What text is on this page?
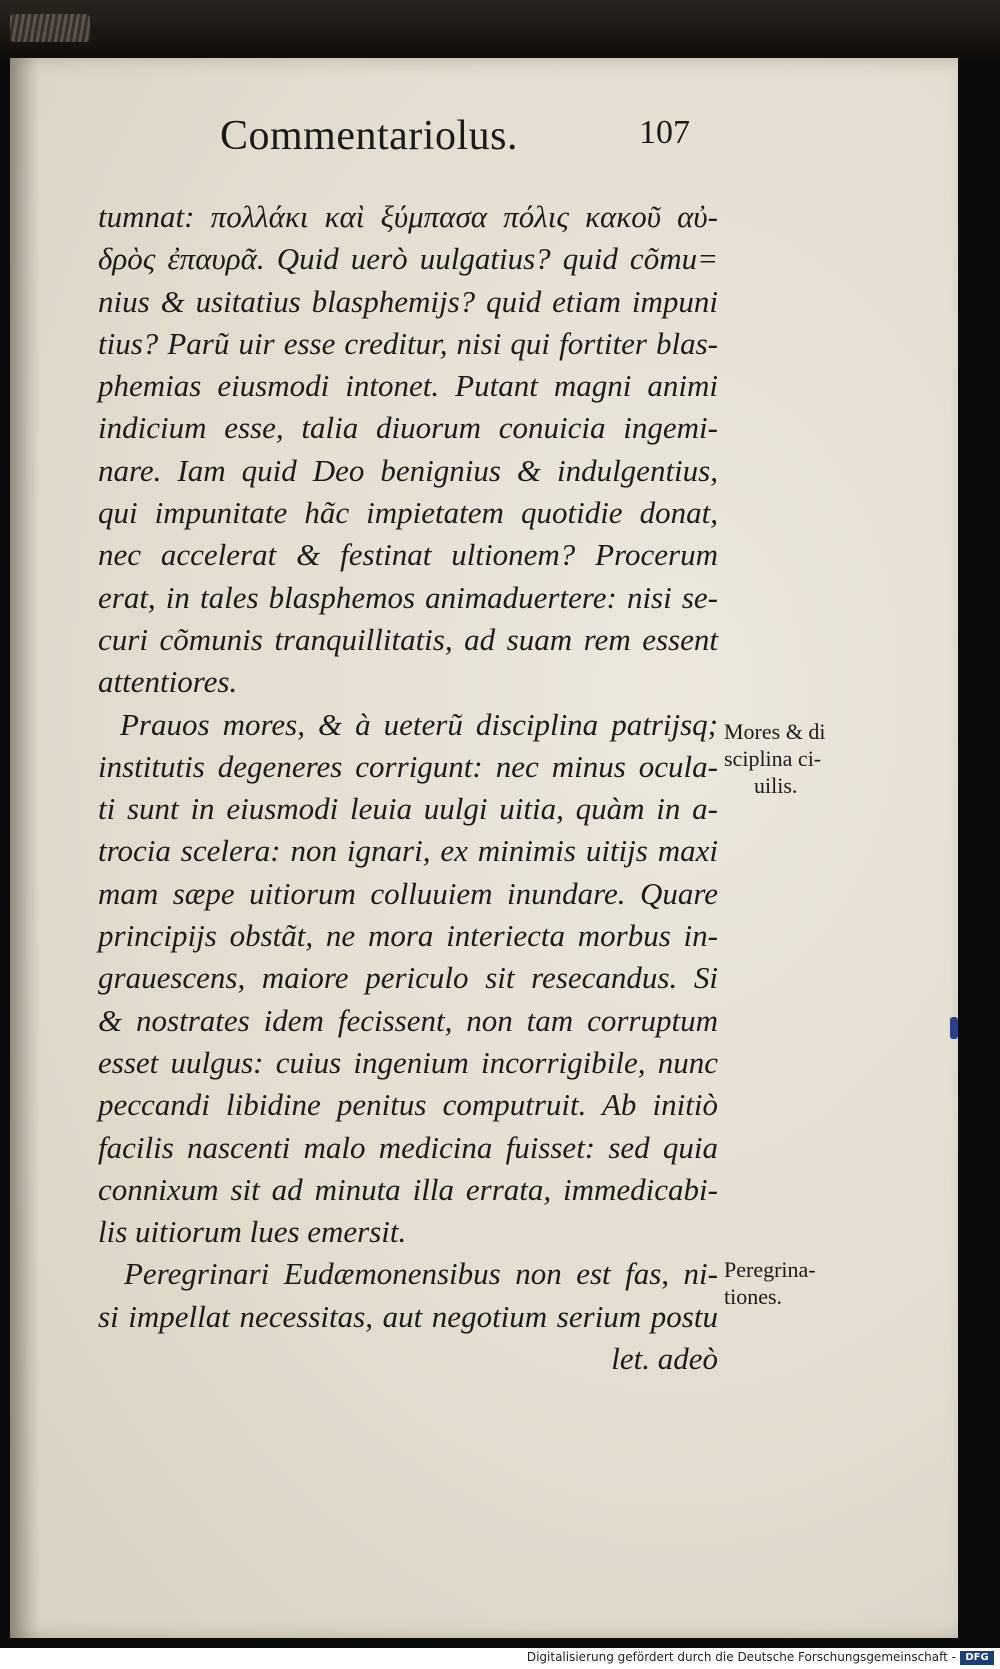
Commentariolus.	107
tumnat: πολλάκι καὶ ξύμπασα πόλις κακοῦ αὐ-
δρὸς ἐπαυρᾶ. Quid uerò uulgatius? quid cõmu=
nius & usitatius blasphemijs? quid etiam impuni
tius? Parũ uir esse creditur, nisi qui fortiter blas-
phemias eiusmodi intonet. Putant magni animi
indicium esse, talia diuorum conuicia ingemi-
nare. Iam quid Deo benignius & indulgentius,
qui impunitate hãc impietatem quotidie donat,
nec accelerat & festinat ultionem? Procerum
erat, in tales blasphemos animaduertere: nisi se-
curi cõmunis tranquillitatis, ad suam rem essent
attentiores.
Prauos mores, & à ueterũ disciplina patrijsq;
institutis degeneres corrigunt: nec minus ocula-
ti sunt in eiusmodi leuia uulgi uitia, quàm in a-
trocia scelera: non ignari, ex minimis uitijs maxi
mam sæpe uitiorum colluuiem inundare. Quare
principijs obstãt, ne mora interiecta morbus in-
grauescens, maiore periculo sit resecandus. Si
& nostrates idem fecissent, non tam corruptum
esset uulgus: cuius ingenium incorrigibile, nunc
peccandi libidine penitus computruit. Ab initiò
facilis nascenti malo medicina fuisset: sed quia
connixum sit ad minuta illa errata, immedicabi-
lis uitiorum lues emersit.
Peregrinari Eudæmonensibus non est fas, ni-
si impellat necessitas, aut negotium serium postu
let. adeò
Mores & di
sciplina ci-
uilis.
Peregrina-
tiones.
Digitalisierung gefördert durch die Deutsche Forschungsgemeinschaft - DFG
